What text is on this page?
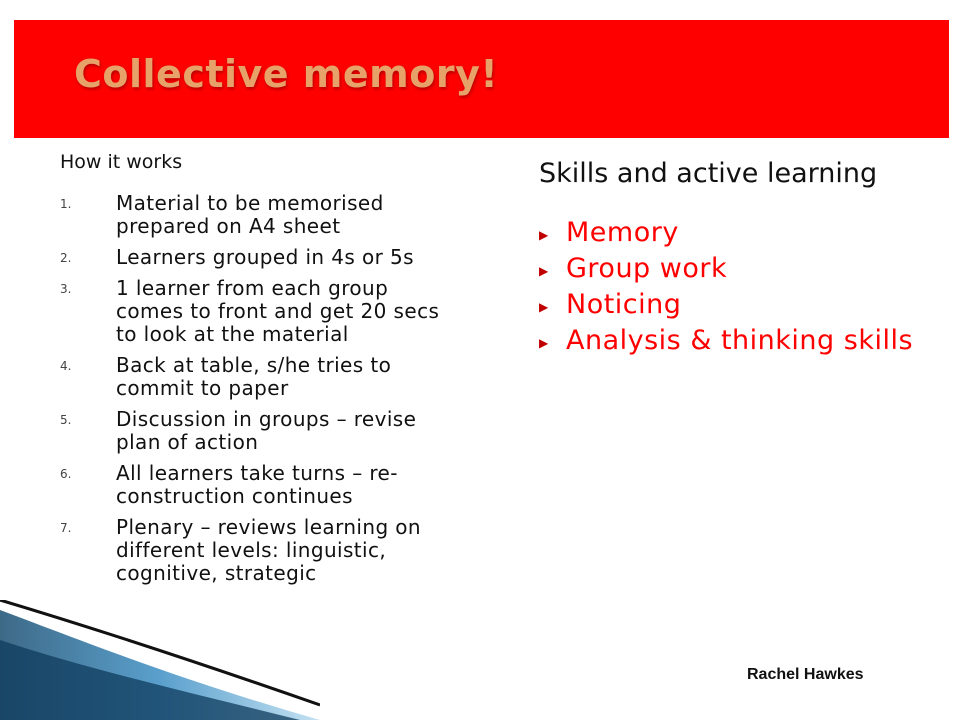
Collective memory!

How it works

1. Material to be memorised prepared on A4 sheet
2. Learners grouped in 4s or 5s
3. 1 learner from each group comes to front and get 20 secs to look at the material
4. Back at table, s/he tries to commit to paper
5. Discussion in groups – revise plan of action
6. All learners take turns – re-construction continues
7. Plenary – reviews learning on different levels: linguistic, cognitive, strategic

Skills and active learning

▶ Memory
▶ Group work
▶ Noticing
▶ Analysis & thinking skills

Rachel Hawkes
